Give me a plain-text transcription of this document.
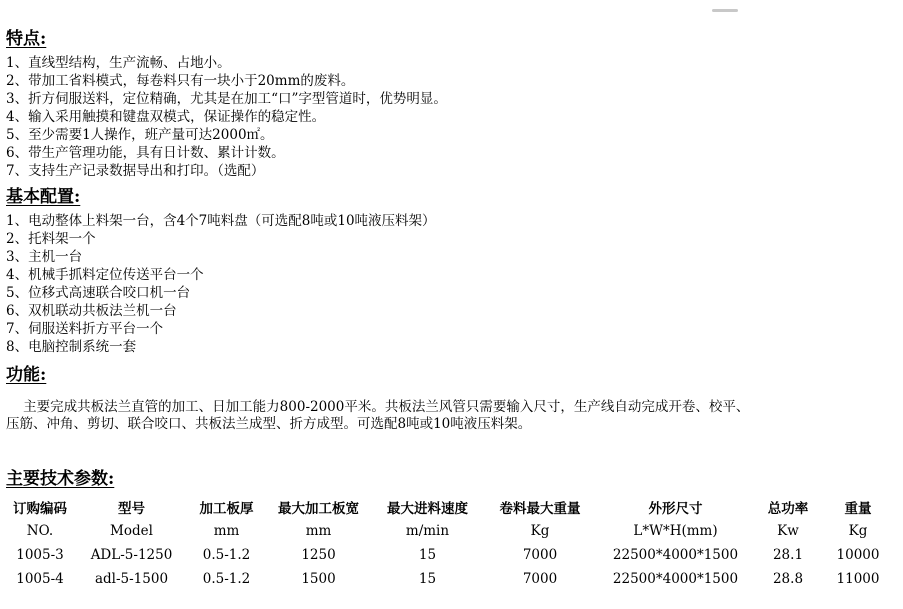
特点:
1、直线型结构，生产流畅、占地小。
2、带加工省料模式，每卷料只有一块小于20mm的废料。
3、折方伺服送料，定位精确，尤其是在加工“口”字型管道时，优势明显。
4、输入采用触摸和键盘双模式，保证操作的稳定性。
5、至少需要1人操作，班产量可达2000㎡。
6、带生产管理功能，具有日计数、累计计数。
7、支持生产记录数据导出和打印。（选配）
基本配置:
1、电动整体上料架一台，含4个7吨料盘（可选配8吨或10吨液压料架）
2、托料架一个
3、主机一台
4、机械手抓料定位传送平台一个
5、位移式高速联合咬口机一台
6、双机联动共板法兰机一台
7、伺服送料折方平台一个
8、电脑控制系统一套
功能:
主要完成共板法兰直管的加工、日加工能力800-2000平米。共板法兰风管只需要输入尺寸，生产线自动完成开卷、校平、压筋、冲角、剪切、联合咬口、共板法兰成型、折方成型。可选配8吨或10吨液压料架。
主要技术参数:
订购编码	型号	加工板厚	最大加工板宽	最大进料速度	卷料最大重量	外形尺寸	总功率	重量
NO.	Model	mm	mm	m/min	Kg	L*W*H(mm)	Kw	Kg
1005-3	ADL-5-1250	0.5-1.2	1250	15	7000	22500*4000*1500	28.1	10000
1005-4	adl-5-1500	0.5-1.2	1500	15	7000	22500*4000*1500	28.8	11000
